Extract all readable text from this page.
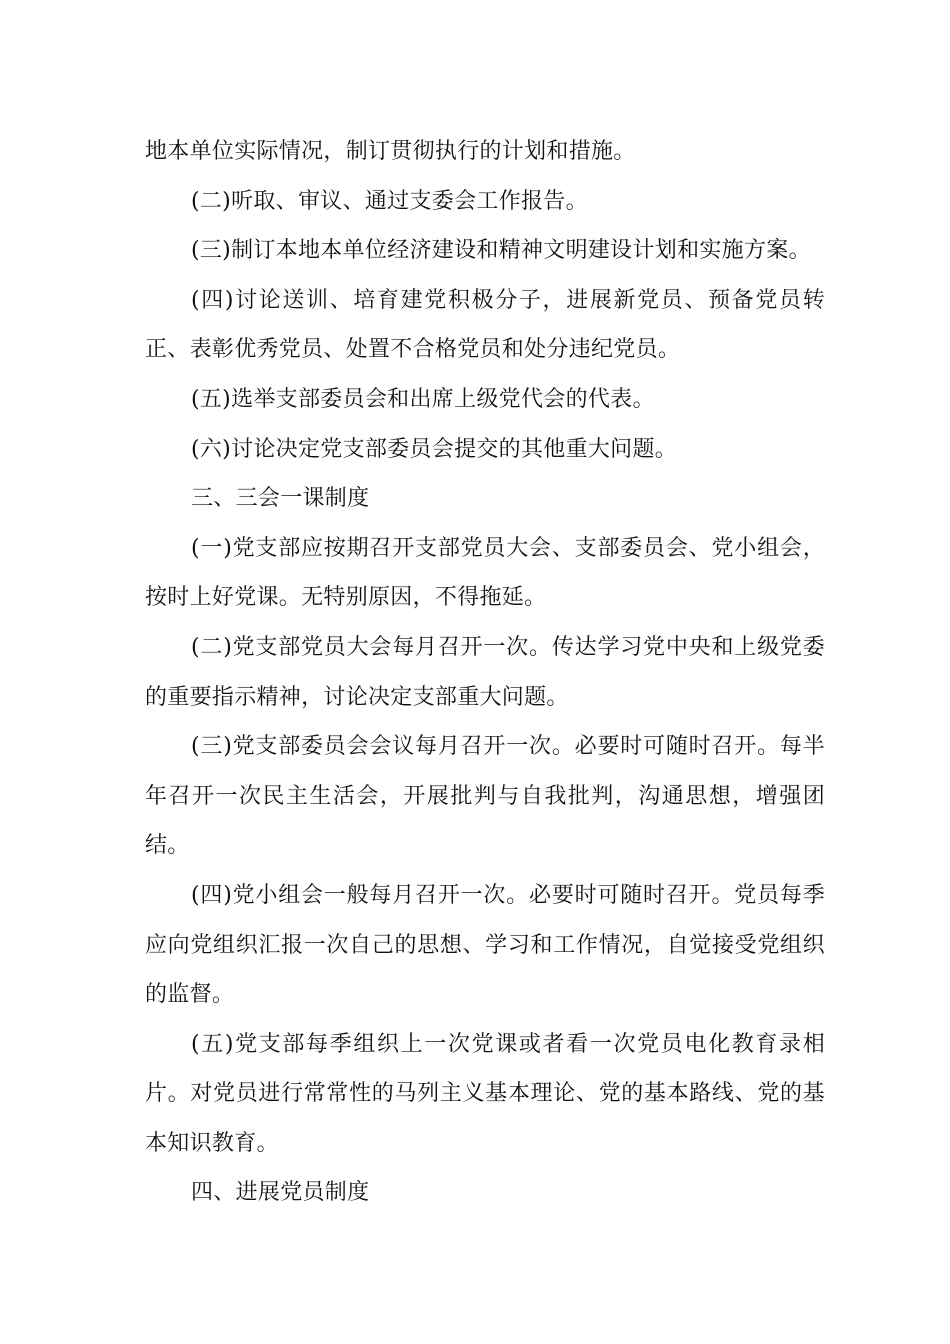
地本单位实际情况，制订贯彻执行的计划和措施。

(二)听取、审议、通过支委会工作报告。

(三)制订本地本单位经济建设和精神文明建设计划和实施方案。

(四)讨论送训、培育建党积极分子，进展新党员、预备党员转正、表彰优秀党员、处置不合格党员和处分违纪党员。

(五)选举支部委员会和出席上级党代会的代表。

(六)讨论决定党支部委员会提交的其他重大问题。

三、三会一课制度

(一)党支部应按期召开支部党员大会、支部委员会、党小组会，按时上好党课。无特别原因，不得拖延。

(二)党支部党员大会每月召开一次。传达学习党中央和上级党委的重要指示精神，讨论决定支部重大问题。

(三)党支部委员会会议每月召开一次。必要时可随时召开。每半年召开一次民主生活会，开展批判与自我批判，沟通思想，增强团结。

(四)党小组会一般每月召开一次。必要时可随时召开。党员每季应向党组织汇报一次自己的思想、学习和工作情况，自觉接受党组织的监督。

(五)党支部每季组织上一次党课或者看一次党员电化教育录相片。对党员进行常常性的马列主义基本理论、党的基本路线、党的基本知识教育。

四、进展党员制度
